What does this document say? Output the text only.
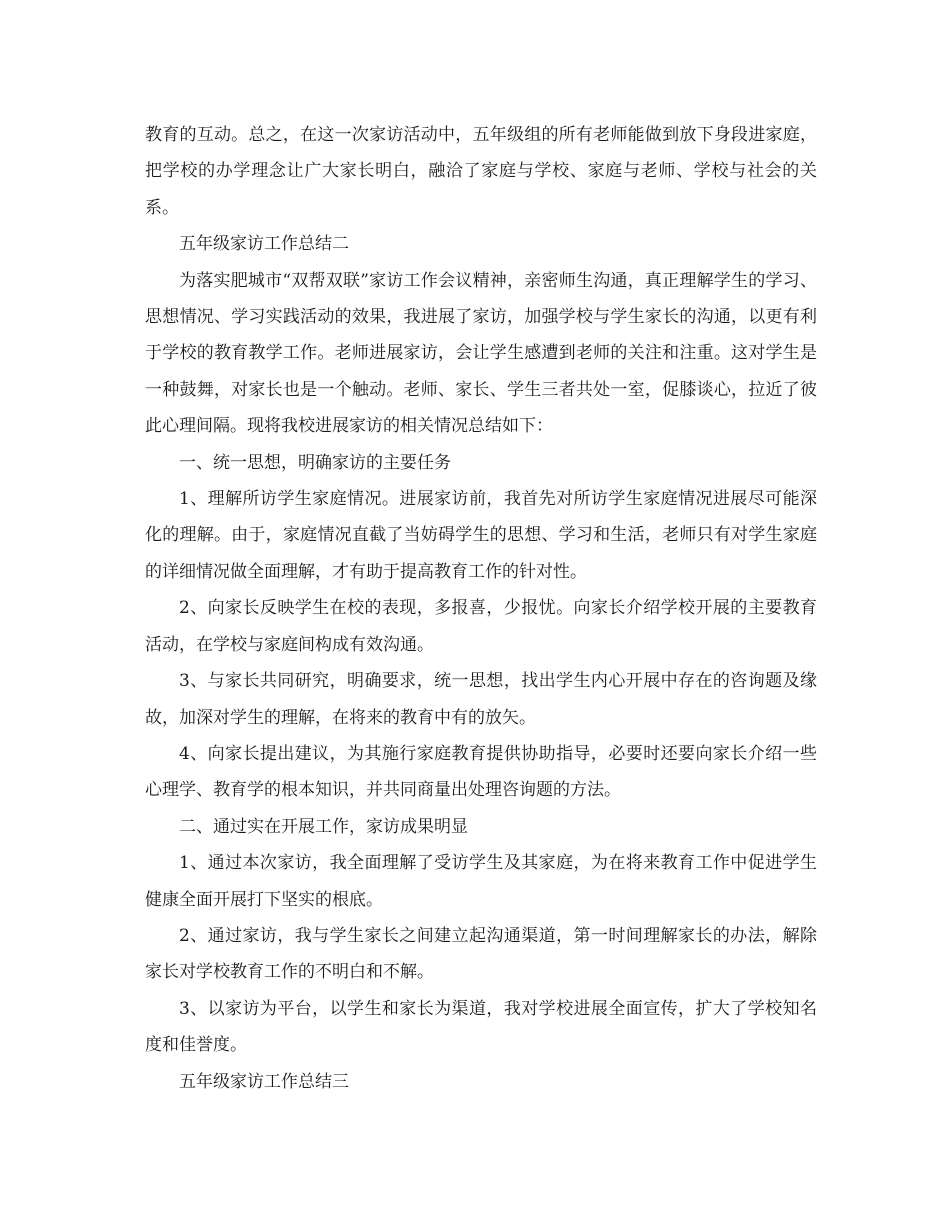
教育的互动。总之，在这一次家访活动中，五年级组的所有老师能做到放下身段进家庭，把学校的办学理念让广大家长明白，融洽了家庭与学校、家庭与老师、学校与社会的关系。

五年级家访工作总结二

为落实肥城市“双帮双联”家访工作会议精神，亲密师生沟通，真正理解学生的学习、思想情况、学习实践活动的效果，我进展了家访，加强学校与学生家长的沟通，以更有利于学校的教育教学工作。老师进展家访，会让学生感遭到老师的关注和注重。这对学生是一种鼓舞，对家长也是一个触动。老师、家长、学生三者共处一室，促膝谈心，拉近了彼此心理间隔。现将我校进展家访的相关情况总结如下：

一、统一思想，明确家访的主要任务

1、理解所访学生家庭情况。进展家访前，我首先对所访学生家庭情况进展尽可能深化的理解。由于，家庭情况直截了当妨碍学生的思想、学习和生活，老师只有对学生家庭的详细情况做全面理解，才有助于提高教育工作的针对性。

2、向家长反映学生在校的表现，多报喜，少报忧。向家长介绍学校开展的主要教育活动，在学校与家庭间构成有效沟通。

3、与家长共同研究，明确要求，统一思想，找出学生内心开展中存在的咨询题及缘故，加深对学生的理解，在将来的教育中有的放矢。

4、向家长提出建议，为其施行家庭教育提供协助指导，必要时还要向家长介绍一些心理学、教育学的根本知识，并共同商量出处理咨询题的方法。

二、通过实在开展工作，家访成果明显

1、通过本次家访，我全面理解了受访学生及其家庭，为在将来教育工作中促进学生健康全面开展打下坚实的根底。

2、通过家访，我与学生家长之间建立起沟通渠道，第一时间理解家长的办法，解除家长对学校教育工作的不明白和不解。

3、以家访为平台，以学生和家长为渠道，我对学校进展全面宣传，扩大了学校知名度和佳誉度。

五年级家访工作总结三
